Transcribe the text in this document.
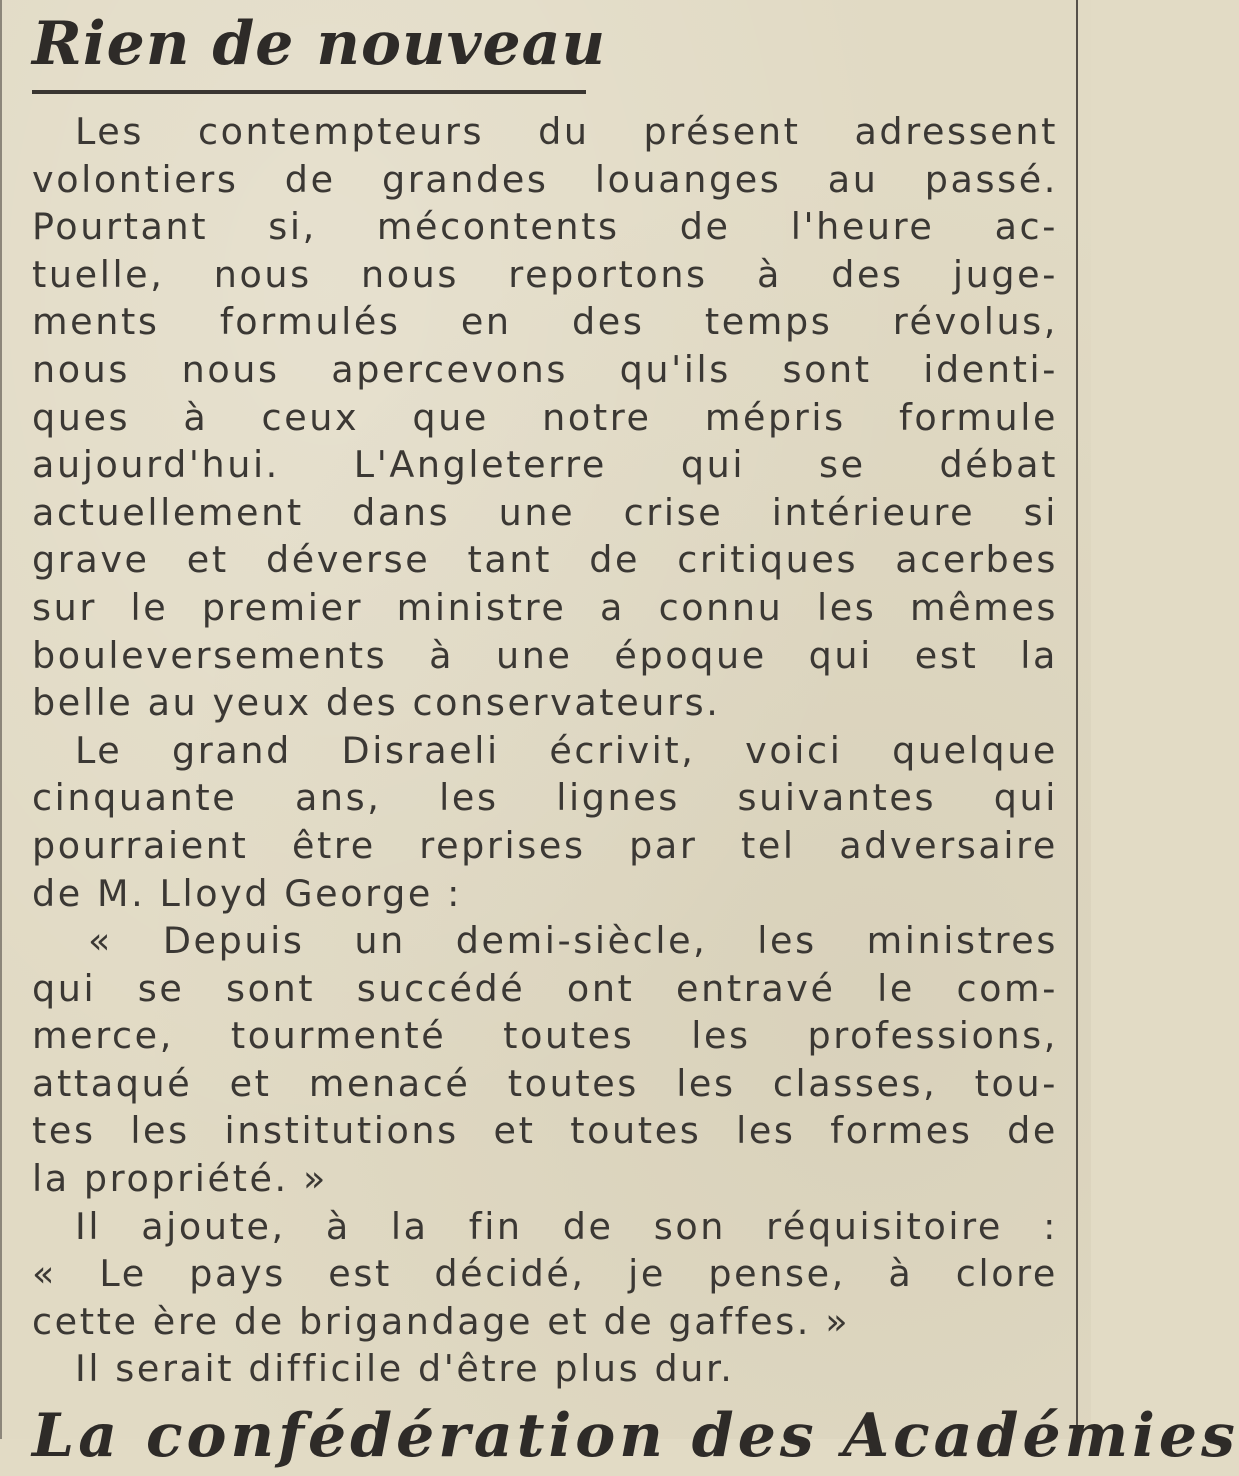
Rien de nouveau
Les contempteurs du présent adressent
volontiers de grandes louanges au passé.
Pourtant si, mécontents de l'heure ac-
tuelle, nous nous reportons à des juge-
ments formulés en des temps révolus,
nous nous apercevons qu'ils sont identi-
ques à ceux que notre mépris formule
aujourd'hui. L'Angleterre qui se débat
actuellement dans une crise intérieure si
grave et déverse tant de critiques acerbes
sur le premier ministre a connu les mêmes
bouleversements à une époque qui est la
belle au yeux des conservateurs.
Le grand Disraeli écrivit, voici quelque
cinquante ans, les lignes suivantes qui
pourraient être reprises par tel adversaire
de M. Lloyd George :
« Depuis un demi-siècle, les ministres
qui se sont succédé ont entravé le com-
merce, tourmenté toutes les professions,
attaqué et menacé toutes les classes, tou-
tes les institutions et toutes les formes de
la propriété. »
Il ajoute, à la fin de son réquisitoire :
« Le pays est décidé, je pense, à clore
cette ère de brigandage et de gaffes. »
Il serait difficile d'être plus dur.
La confédération des Académies
